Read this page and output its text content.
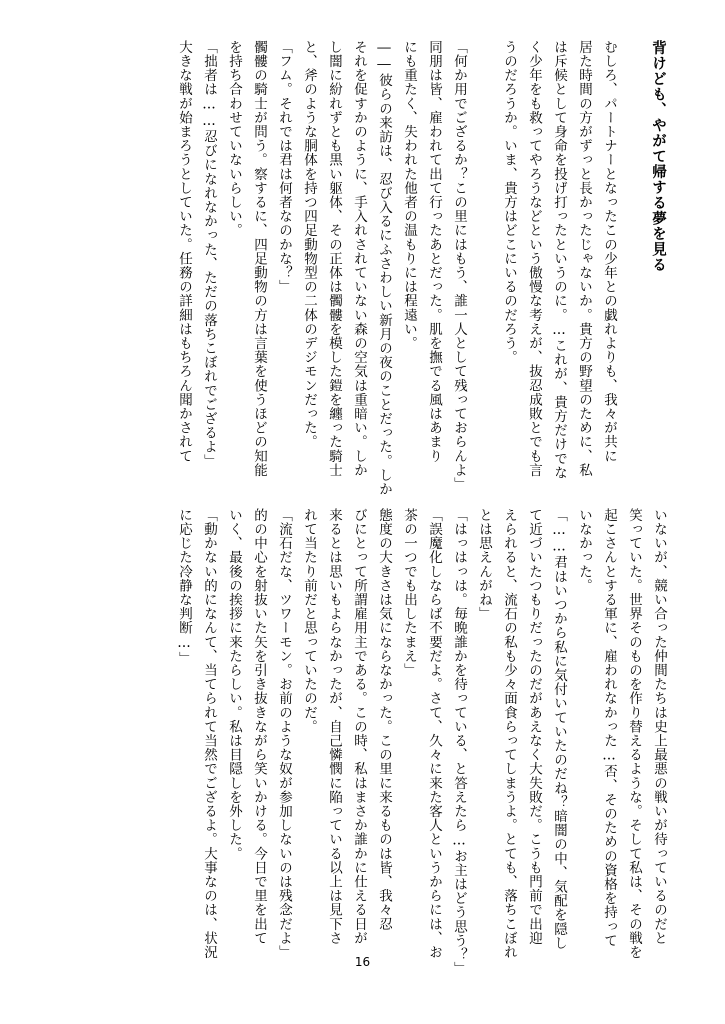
背けども、やがて帰する夢を見る

むしろ、パートナーとなったこの少年との戯れよりも、我々が共に
居た時間の方がずっと長かったじゃないか。貴方の野望のために、私
は斥候として身命を投げ打ったというのに。…これが、貴方だけでな
く少年をも救ってやろうなどという傲慢な考えが、抜忍成敗とでも言
うのだろうか。いま、貴方はどこにいるのだろう。

「何か用でござるか？この里にはもう、誰一人として残っておらんよ」
同朋は皆、雇われて出て行ったあとだった。肌を撫でる風はあまり
にも重たく、失われた他者の温もりには程遠い。
――彼らの来訪は、忍び入るにふさわしい新月の夜のことだった。しか
それを促すかのように、手入れされていない森の空気は重暗い。しか
し闇に紛れずとも黒い躯体、その正体は髑髏を模した鎧を纏った騎士
と、斧のような胴体を持つ四足動物型の二体のデジモンだった。
「フム。それでは君は何者なのかな？」
髑髏の騎士が問う。察するに、四足動物の方は言葉を使うほどの知能
を持ち合わせていないらしい。
「拙者は……忍びになれなかった、ただの落ちこぼれでござるよ」
大きな戦が始まろうとしていた。任務の詳細はもちろん聞かされて
いないが、競い合った仲間たちは史上最悪の戦いが待っているのだと
笑っていた。世界そのものを作り替えるような。そして私は、その戦を
起こさんとする軍に、雇われなかった…否、そのための資格を持って
いなかった。
「……君はいつから私に気付いていたのだね？暗闇の中、気配を隠し
て近づいたつもりだったのだがあえなく大失敗だ。こうも門前で出迎
えられると、流石の私も少々面食らってしまうよ。とても、落ちこぼれ
とは思えんがね」
「はっはっは。毎晩誰かを待っている、と答えたら…お主はどう思う？」
「誤魔化しならば不要だよ。さて、久々に来た客人というからには、お
茶の一つでも出したまえ」
態度の大きさは気にならなかった。この里に来るものは皆、我々忍
びにとって所謂雇用主である。この時、私はまさか誰かに仕える日が
来るとは思いもよらなかったが、自己憐憫に陥っている以上は見下さ
れて当たり前だと思っていたのだ。
「流石だな、ツワーモン。お前のような奴が参加しないのは残念だよ」
的の中心を射抜いた矢を引き抜きながら笑いかける。今日で里を出て
いく、最後の挨拶に来たらしい。私は目隠しを外した。
「動かない的になんて、当てられて当然でござるよ。大事なのは、状況
に応じた冷静な判断…」
16
